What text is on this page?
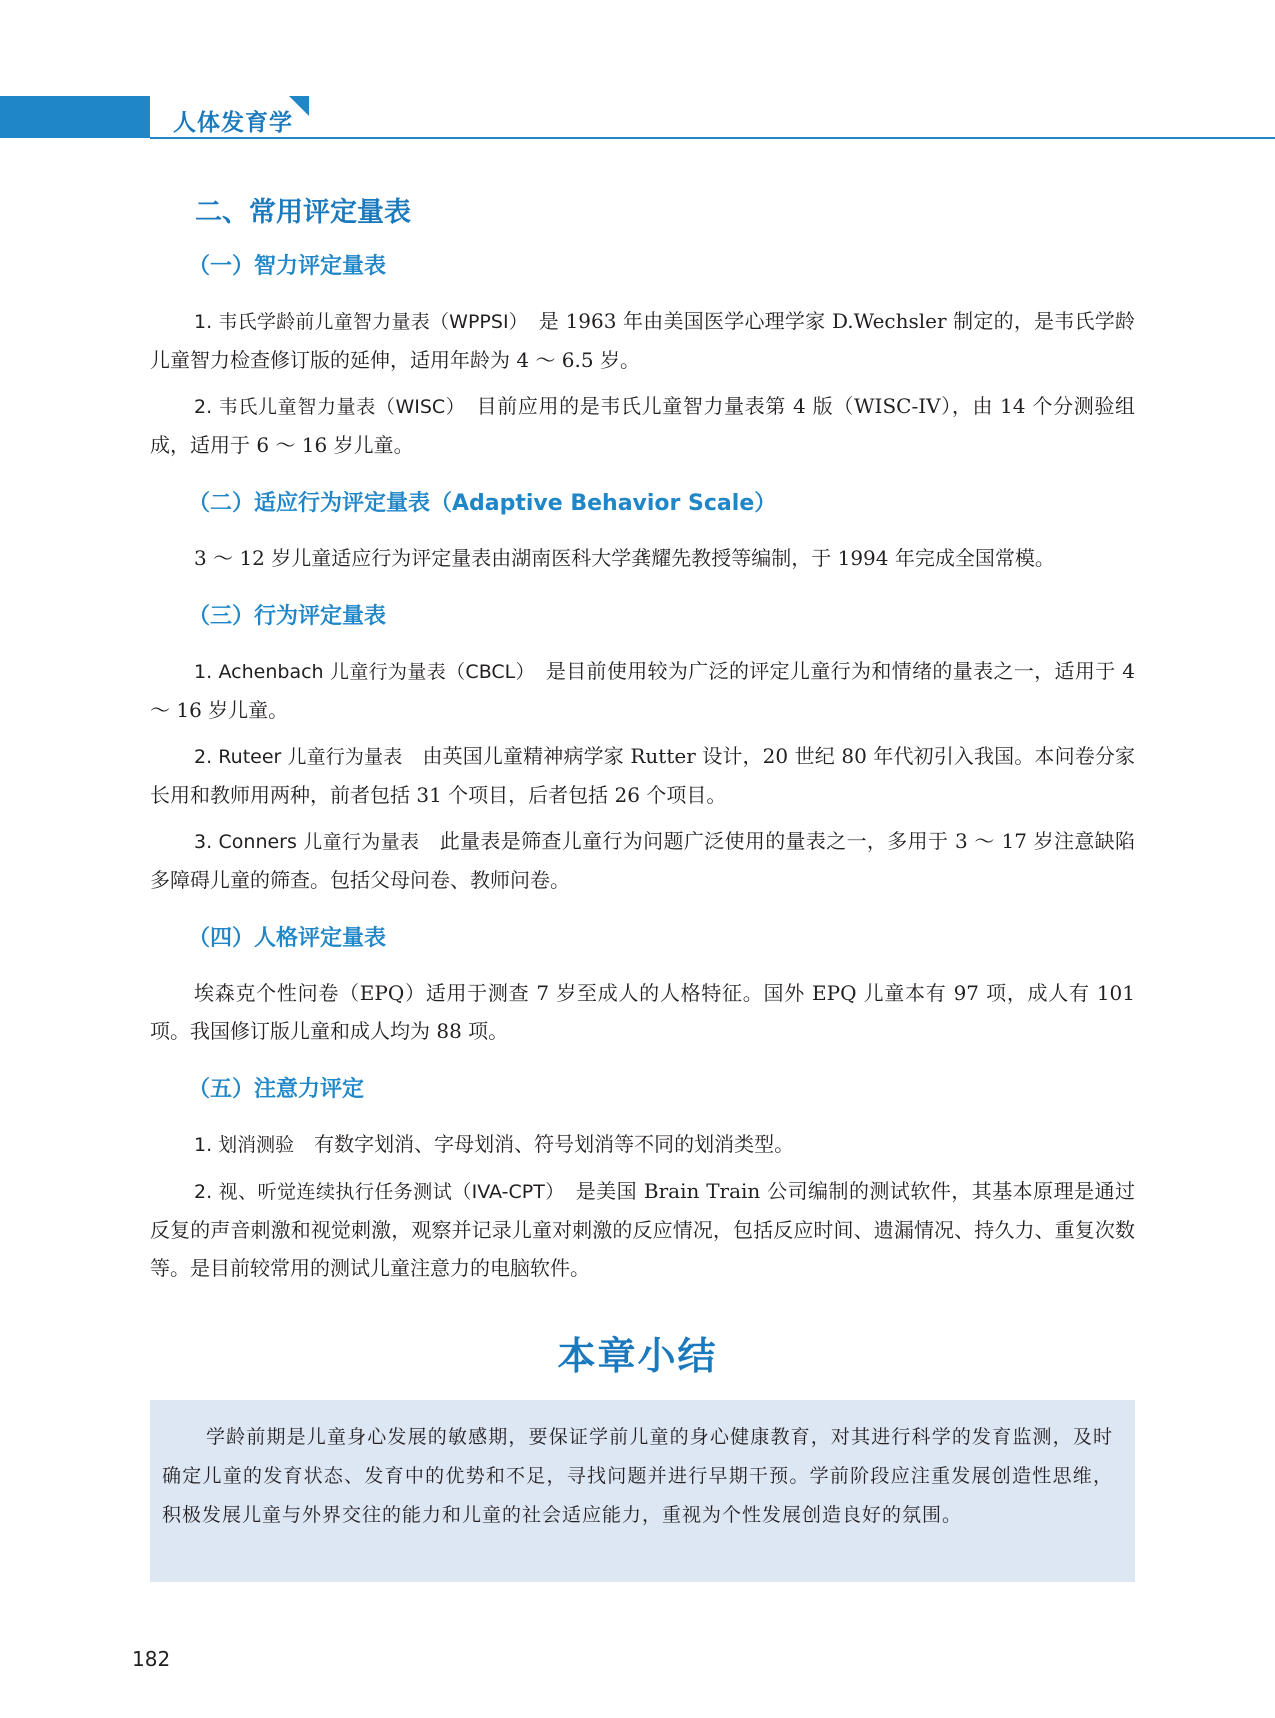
人体发育学
二、常用评定量表
（一）智力评定量表

1. 韦氏学龄前儿童智力量表（WPPSI）　 是 1963 年由美国医学心理学家 D.Wechsler 制定的，是韦氏学龄儿童智力检查修订版的延伸，适用年龄为 4 ～ 6.5 岁。

2. 韦氏儿童智力量表（WISC）　 目前应用的是韦氏儿童智力量表第 4 版（WISC-IV），由 14 个分测验组成，适用于 6 ～ 16 岁儿童。

（二）适应行为评定量表（Adaptive Behavior Scale）

3 ～ 12 岁儿童适应行为评定量表由湖南医科大学龚耀先教授等编制，于 1994 年完成全国常模。

（三）行为评定量表

1. Achenbach 儿童行为量表（CBCL）　 是目前使用较为广泛的评定儿童行为和情绪的量表之一，适用于 4 ～ 16 岁儿童。

2. Ruteer 儿童行为量表　 由英国儿童精神病学家 Rutter 设计，20 世纪 80 年代初引入我国。本问卷分家长用和教师用两种，前者包括 31 个项目，后者包括 26 个项目。

3. Conners 儿童行为量表　 此量表是筛查儿童行为问题广泛使用的量表之一，多用于 3 ～ 17 岁注意缺陷多障碍儿童的筛查。包括父母问卷、教师问卷。

（四）人格评定量表

埃森克个性问卷（EPQ）适用于测查 7 岁至成人的人格特征。国外 EPQ 儿童本有 97 项，成人有 101 项。我国修订版儿童和成人均为 88 项。

（五）注意力评定

1. 划消测验　 有数字划消、字母划消、符号划消等不同的划消类型。

2. 视、听觉连续执行任务测试（IVA-CPT）　 是美国 Brain Train 公司编制的测试软件，其基本原理是通过反复的声音刺激和视觉刺激，观察并记录儿童对刺激的反应情况，包括反应时间、遗漏情况、持久力、重复次数等。是目前较常用的测试儿童注意力的电脑软件。

本章小结

学龄前期是儿童身心发展的敏感期，要保证学前儿童的身心健康教育，对其进行科学的发育监测，及时确定儿童的发育状态、发育中的优势和不足，寻找问题并进行早期干预。学前阶段应注重发展创造性思维，积极发展儿童与外界交往的能力和儿童的社会适应能力，重视为个性发展创造良好的氛围。

182
